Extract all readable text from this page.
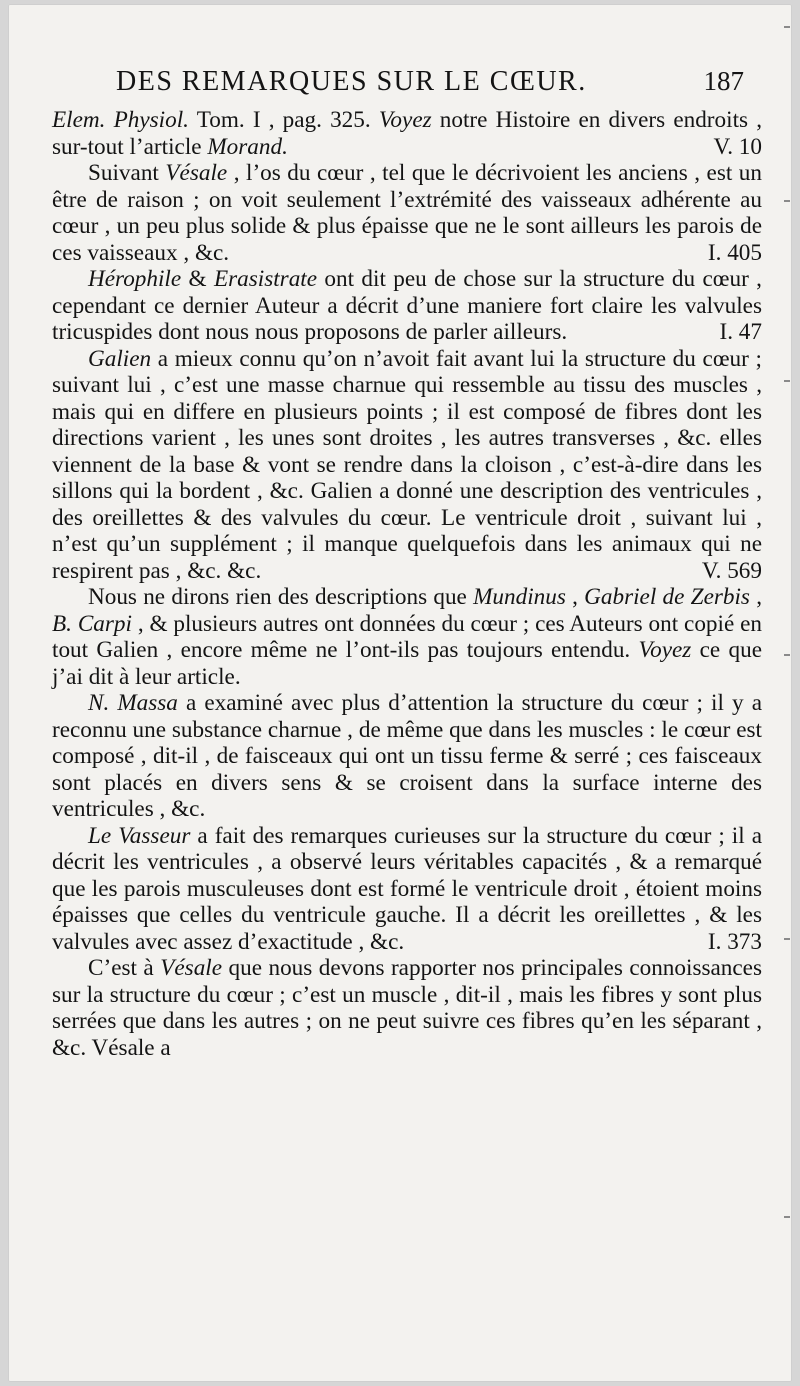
DES REMARQUES SUR LE CŒUR.	187

Elem. Physiol. Tom. I , pag. 325. Voyez notre Histoire en divers endroits , sur-tout l’article Morand.	V. 10

Suivant Vésale , l’os du cœur , tel que le décrivoient les anciens , est un être de raison ; on voit seulement l’extrémité des vaisseaux adhérente au cœur , un peu plus solide & plus épaisse que ne le sont ailleurs les parois de ces vaisseaux , &c.	I. 405

Hérophile & Erasistrate ont dit peu de chose sur la structure du cœur , cependant ce dernier Auteur a décrit d’une maniere fort claire les valvules tricuspides dont nous nous proposons de parler ailleurs.	I. 47

Galien a mieux connu qu’on n’avoit fait avant lui la structure du cœur ; suivant lui , c’est une masse charnue qui ressemble au tissu des muscles , mais qui en differe en plusieurs points ; il est composé de fibres dont les directions varient , les unes sont droites , les autres transverses , &c. elles viennent de la base & vont se rendre dans la cloison , c’est-à-dire dans les sillons qui la bordent , &c. Galien a donné une description des ventricules , des oreillettes & des valvules du cœur. Le ventricule droit , suivant lui , n’est qu’un supplément ; il manque quelquefois dans les animaux qui ne respirent pas , &c. &c.	V. 569

Nous ne dirons rien des descriptions que Mundinus , Gabriel de Zerbis , B. Carpi , & plusieurs autres ont données du cœur ; ces Auteurs ont copié en tout Galien , encore même ne l’ont-ils pas toujours entendu. Voyez ce que j’ai dit à leur article.

N. Massa a examiné avec plus d’attention la structure du cœur ; il y a reconnu une substance charnue , de même que dans les muscles : le cœur est composé , dit-il , de faisceaux qui ont un tissu ferme & serré ; ces faisceaux sont placés en divers sens & se croisent dans la surface interne des ventricules , &c.

Le Vasseur a fait des remarques curieuses sur la structure du cœur ; il a décrit les ventricules , a observé leurs véritables capacités , & a remarqué que les parois musculeuses dont est formé le ventricule droit , étoient moins épaisses que celles du ventricule gauche. Il a décrit les oreillettes , & les valvules avec assez d’exactitude , &c.	I. 373

C’est à Vésale que nous devons rapporter nos principales connoissances sur la structure du cœur ; c’est un muscle , dit-il , mais les fibres y sont plus serrées que dans les autres ; on ne peut suivre ces fibres qu’en les séparant , &c. Vésale a
